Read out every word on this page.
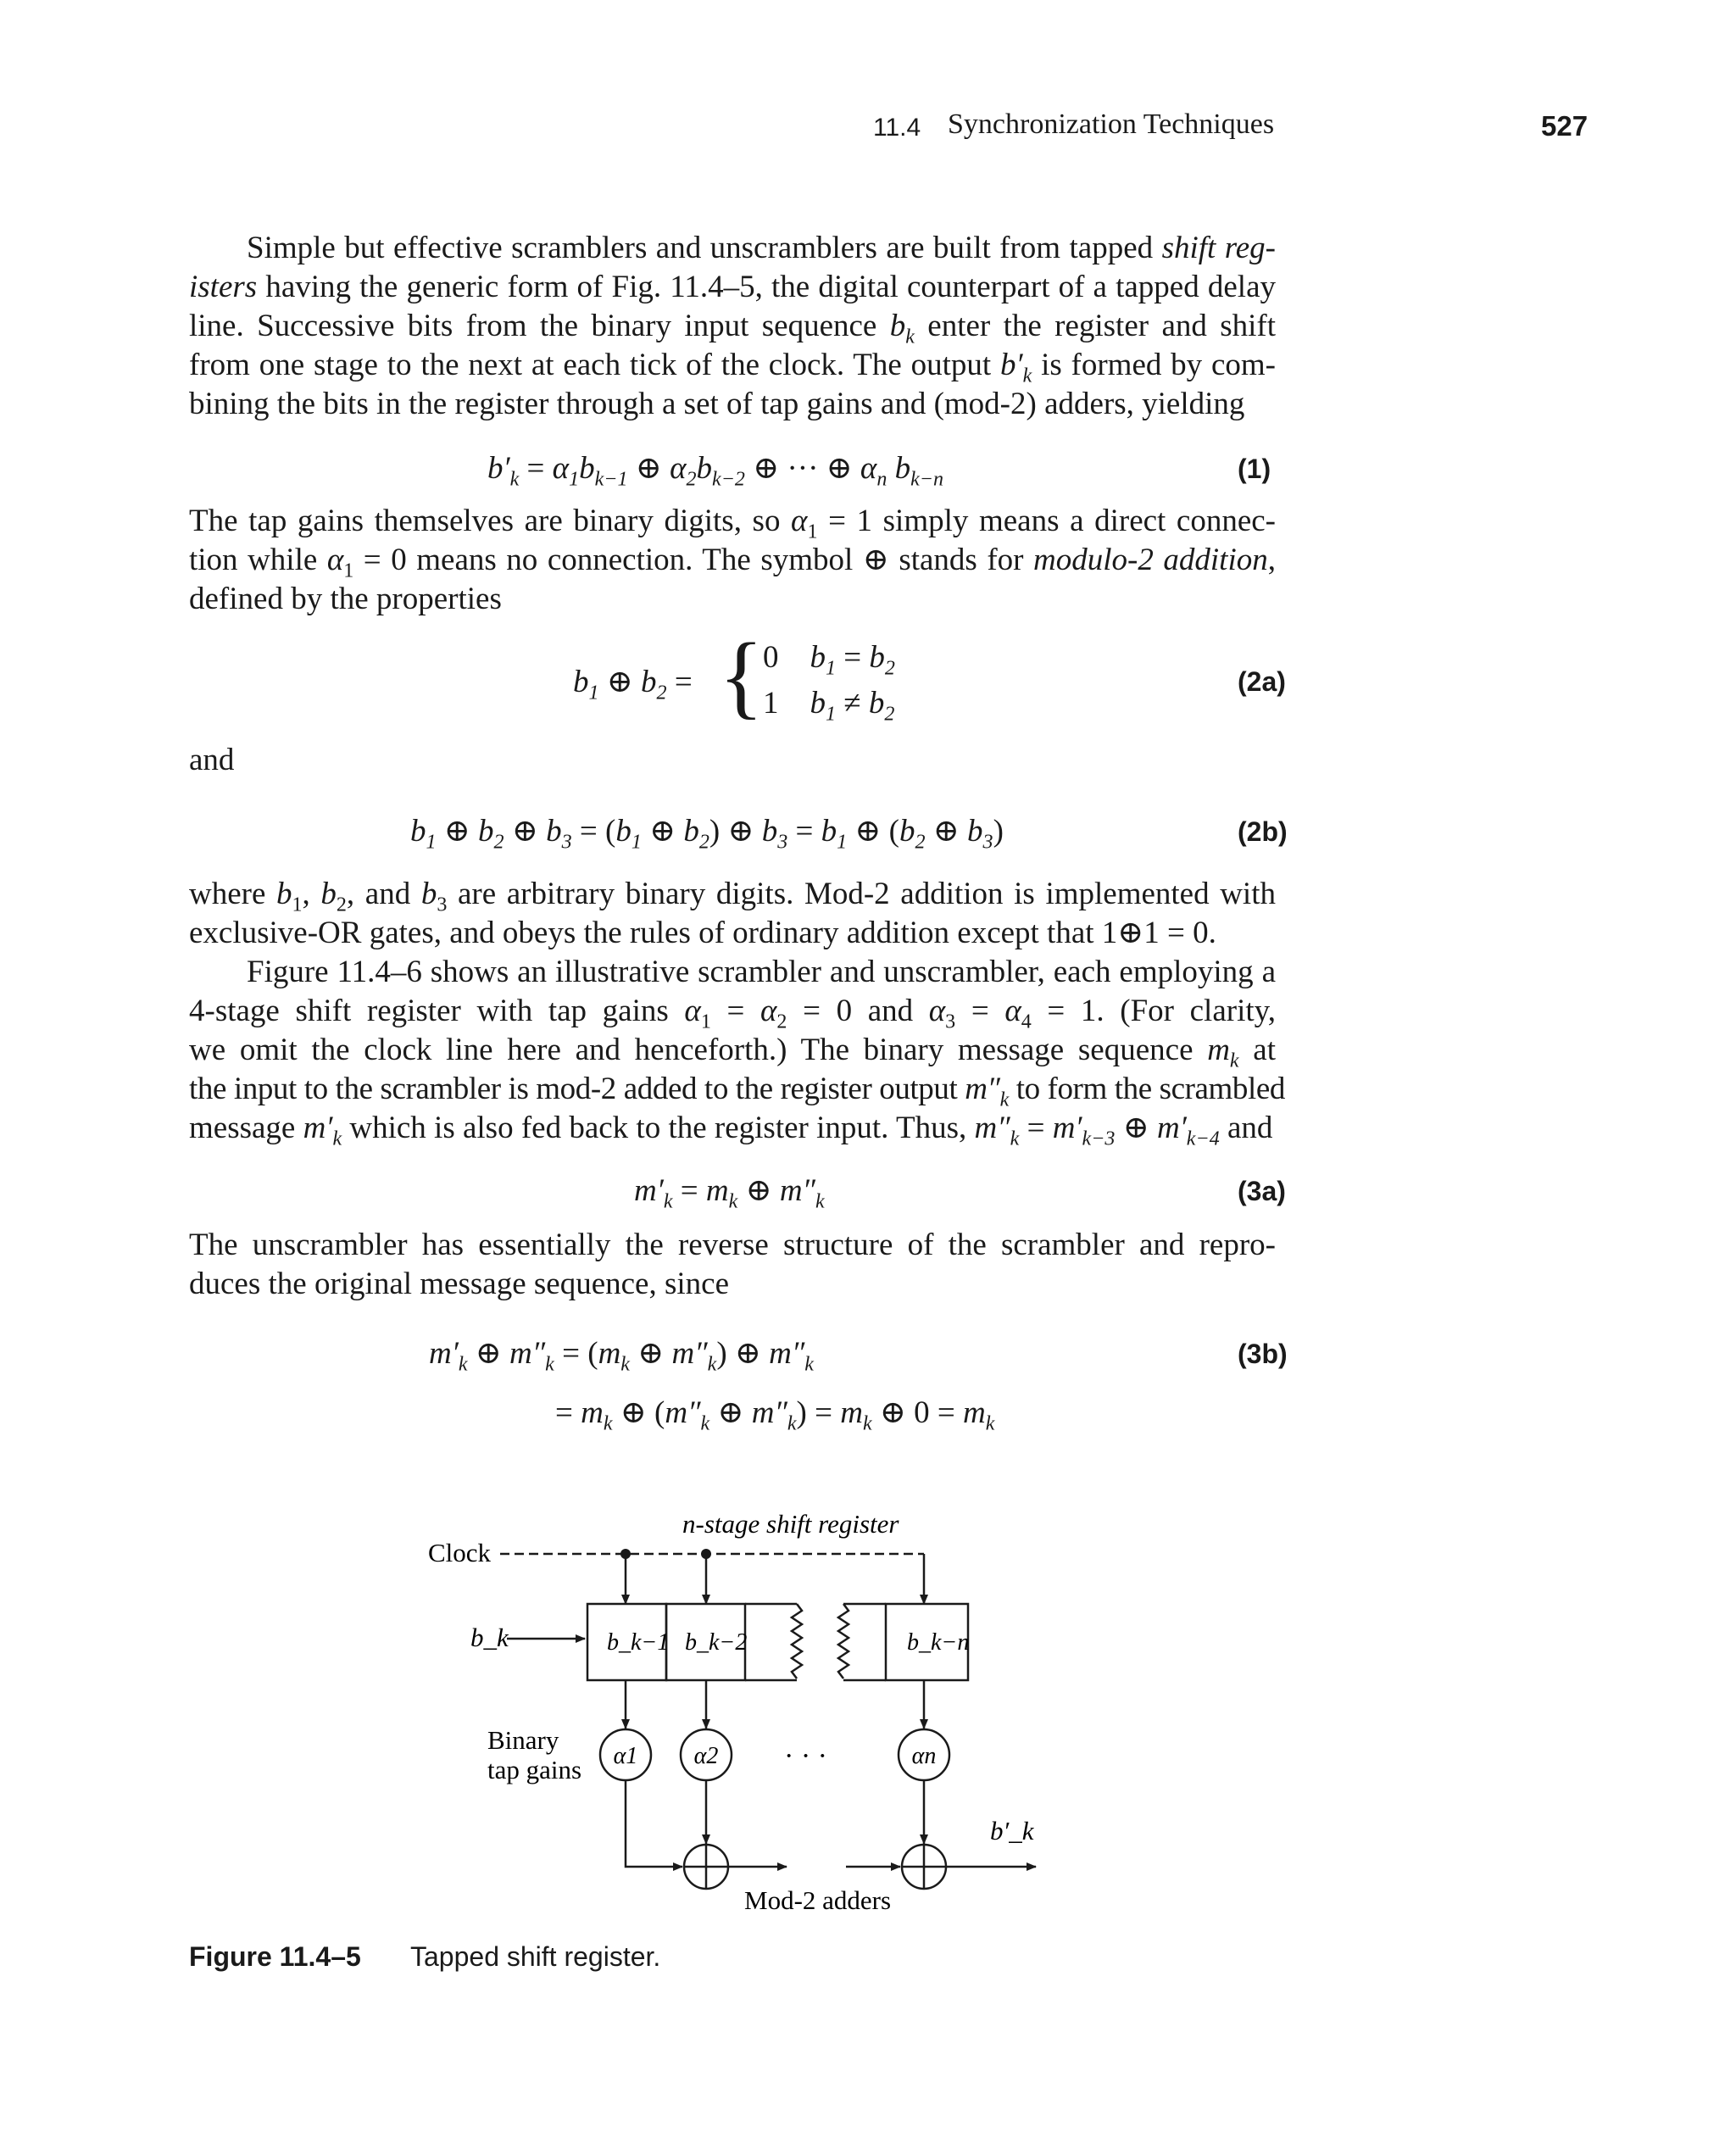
11.4 Synchronization Techniques	527
Simple but effective scramblers and unscramblers are built from tapped shift reg-
isters having the generic form of Fig. 11.4–5, the digital counterpart of a tapped delay
line. Successive bits from the binary input sequence $b_k$ enter the register and shift
from one stage to the next at each tick of the clock. The output $b'_k$ is formed by com-
bining the bits in the register through a set of tap gains and (mod-2) adders, yielding
$b'_k = \alpha_1b_{k-1}$ ⊕ $\alpha_2b_{k-2}$ ⊕ ··· ⊕ $\alpha_n$ $b_{k-n}$	(1)
The tap gains themselves are binary digits, so $\alpha_1 = 1$ simply means a direct connec-
tion while $\alpha_1 = 0$ means no connection. The symbol ⊕ stands for modulo-2 addition,
defined by the properties
$b_1$ ⊕ $b_2$ = { 0    $b_1 = b_2$
1    $b_1 \ne b_2$
(2a)
and
$b_1$ ⊕ $b_2$ ⊕ $b_3 = (b_1$ ⊕ $b_2$) ⊕ $b_3 = b_1$ ⊕ ($b_2$ ⊕ $b_3$)	(2b)
where $b_1$, $b_2$, and $b_3$ are arbitrary binary digits. Mod-2 addition is implemented with
exclusive-OR gates, and obeys the rules of ordinary addition except that 1⊕1 = 0.
Figure 11.4–6 shows an illustrative scrambler and unscrambler, each employing a
4-stage shift register with tap gains $\alpha_1 = \alpha_2 = 0$ and $\alpha_3 = \alpha_4 = 1$. (For clarity,
we omit the clock line here and henceforth.) The binary message sequence $m_k$ at
the input to the scrambler is mod-2 added to the register output $m''_k$ to form the scrambled
message $m'_k$ which is also fed back to the register input. Thus, $m''_k = m'_{k-3}$ ⊕ $m'_{k-4}$ and
$m'_k = m_k$ ⊕ $m''_k$	(3a)
The unscrambler has essentially the reverse structure of the scrambler and repro-
duces the original message sequence, since
$m'_k$ ⊕ $m''_k = (m_k$ ⊕ $m''_k$) ⊕ $m''_k$
= $m_k$ ⊕ ($m''_k$ ⊕ $m''_k) = m_k$ ⊕ $0 = m_k$
(3b)
n-stage shift register
Clock
b_k	b_k−1 b_k−2	b_k−n
Binary
tap gains α1 α2	αn
· · ·
b′_k
Mod-2 adders
Figure 11.4–5 Tapped shift register.
